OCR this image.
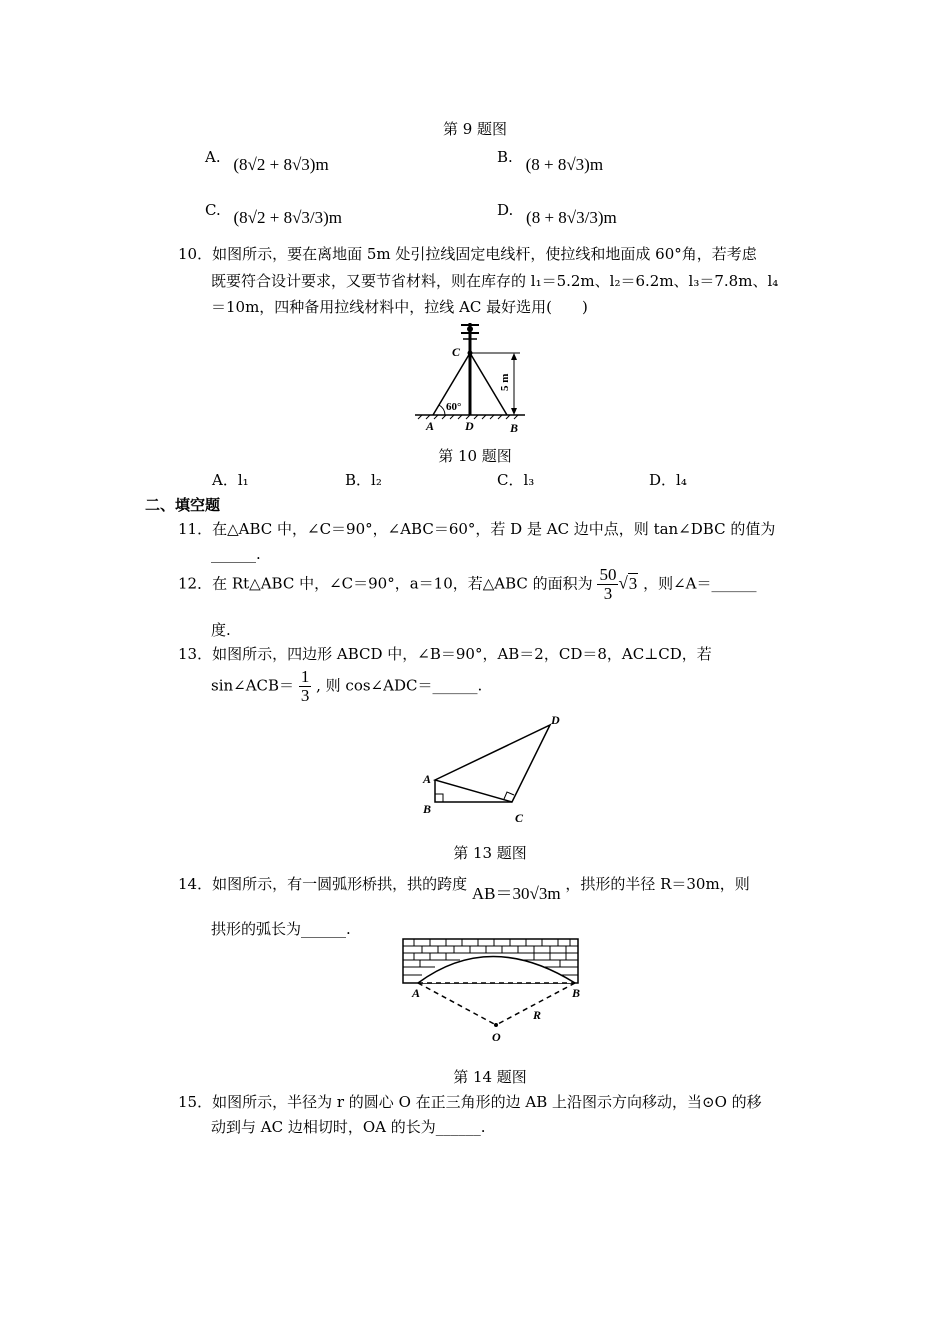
第 9 题图
A. (8√2 + 8√3)m	B. (8 + 8√3)m
C. (8√2 + 8√3/3)m	D. (8 + 8√3/3)m
10．如图所示，要在离地面 5m 处引拉线固定电线杆，使拉线和地面成 60°角，若考虑
既要符合设计要求，又要节省材料，则在库存的 l₁＝5.2m、l₂＝6.2m、l₃＝7.8m、l₄
＝10m，四种备用拉线材料中，拉线 AC 最好选用(　　)
60°
C
A	D	B
5 m
第 10 题图
A．l₁	B．l₂	C．l₃	D．l₄
二、填空题
11．在△ABC 中，∠C＝90°，∠ABC＝60°，若 D 是 AC 边中点，则 tan∠DBC 的值为
______.
12．在 Rt△ABC 中，∠C＝90°，a＝10，若△ABC 的面积为 $\frac{50}{3} √3$ ，则∠A＝______
度.
13．如图所示，四边形 ABCD 中，∠B＝90°，AB＝2，CD＝8，AC⊥CD，若
sin∠ACB＝ $\frac{1}{3}$ , 则 cos∠ADC＝______.
A
B
C
D
第 13 题图
14．如图所示，有一圆弧形桥拱，拱的跨度 AB＝30√3m ，拱形的半径 R＝30m，则
拱形的弧长为______.
A	B
O
R
第 14 题图
15．如图所示，半径为 r 的圆心 O 在正三角形的边 AB 上沿图示方向移动，当⊙O 的移
动到与 AC 边相切时，OA 的长为______.
